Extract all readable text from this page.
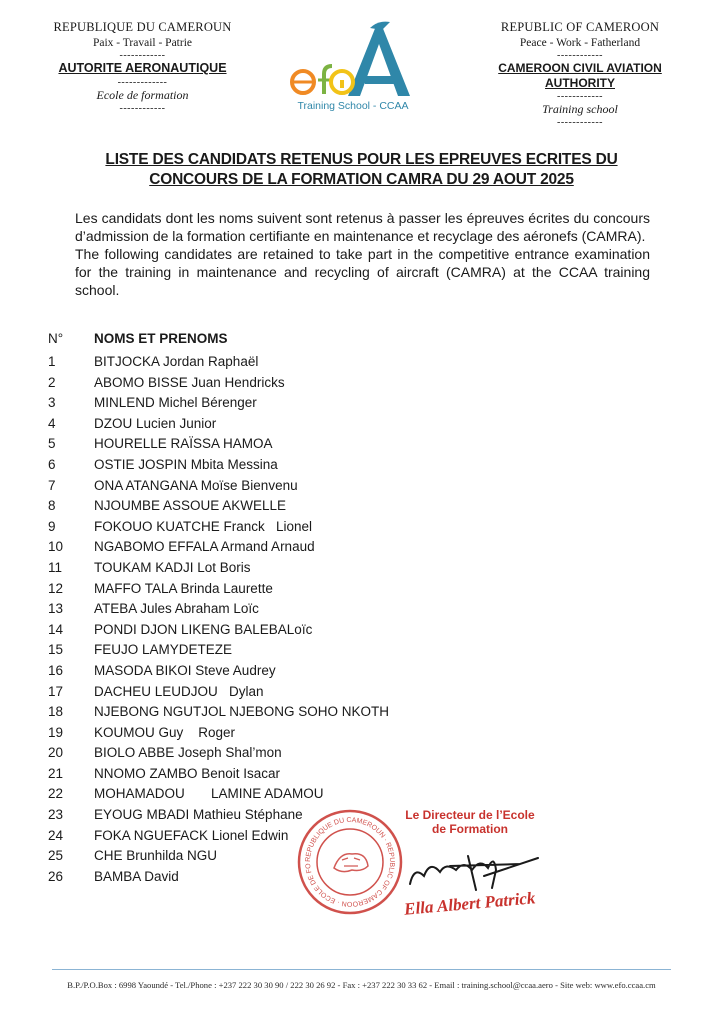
REPUBLIQUE DU CAMEROUN
Paix - Travail - Patrie
------------
AUTORITE AERONAUTIQUE
-------------
Ecole de formation
------------	Training School - CCAA
REPUBLIC OF CAMEROON
Peace - Work - Fatherland
------------
CAMEROON CIVIL AVIATION AUTHORITY
------------
Training school
------------
LISTE DES CANDIDATS RETENUS POUR LES EPREUVES ECRITES DU
CONCOURS DE LA FORMATION CAMRA DU 29 AOUT 2025

Les candidats dont les noms suivent sont retenus à passer les épreuves écrites du concours d’admission de la formation certifiante en maintenance et recyclage des aéronefs (CAMRA).

The following candidates are retained to take part in the competitive entrance examination for the training in maintenance and recycling of aircraft (CAMRA) at the CCAA training school.

N° NOMS ET PRENOMS
1	BITJOCKA Jordan Raphaël
2	ABOMO BISSE Juan Hendricks
3	MINLEND Michel Bérenger
4	DZOU Lucien Junior
5	HOURELLE RAÏSSA HAMOA
6	OSTIE JOSPIN Mbita Messina
7	ONA ATANGANA Moïse Bienvenu
8	NJOUMBE ASSOUE AKWELLE
9	FOKOUO KUATCHE Franck   Lionel
10 NGABOMO EFFALA Armand Arnaud
11 TOUKAM KADJI Lot Boris
12 MAFFO TALA Brinda Laurette
13 ATEBA Jules Abraham Loïc
14 PONDI DJON LIKENG BALEBALoïc
15 FEUJO LAMYDETEZE
16 MASODA BIKOI Steve Audrey
17 DACHEU LEUDJOU   Dylan
18 NJEBONG NGUTJOL NJEBONG SOHO NKOTH
19 KOUMOU Guy    Roger
20 BIOLO ABBE Joseph Shal’mon
21 NNOMO ZAMBO Benoit Isacar
22 MOHAMADOU       LAMINE ADAMOU
23 EYOUG MBADI Mathieu Stéphane
24 FOKA NGUEFACK Lionel Edwin
25 CHE Brunhilda NGU
26 BAMBA David
REPUBLIQUE DU CAMEROUN · REPUBLIC OF CAMEROON · ECOLE DE FO
Le Directeur de l’Ecole
de Formation
Ella Albert Patrick
B.P./P.O.Box : 6998 Yaoundé - Tel./Phone : +237 222 30 30 90 / 222 30 26 92 - Fax : +237 222 30 33 62 - Email : training.school@ccaa.aero - Site web: www.efo.ccaa.cm
